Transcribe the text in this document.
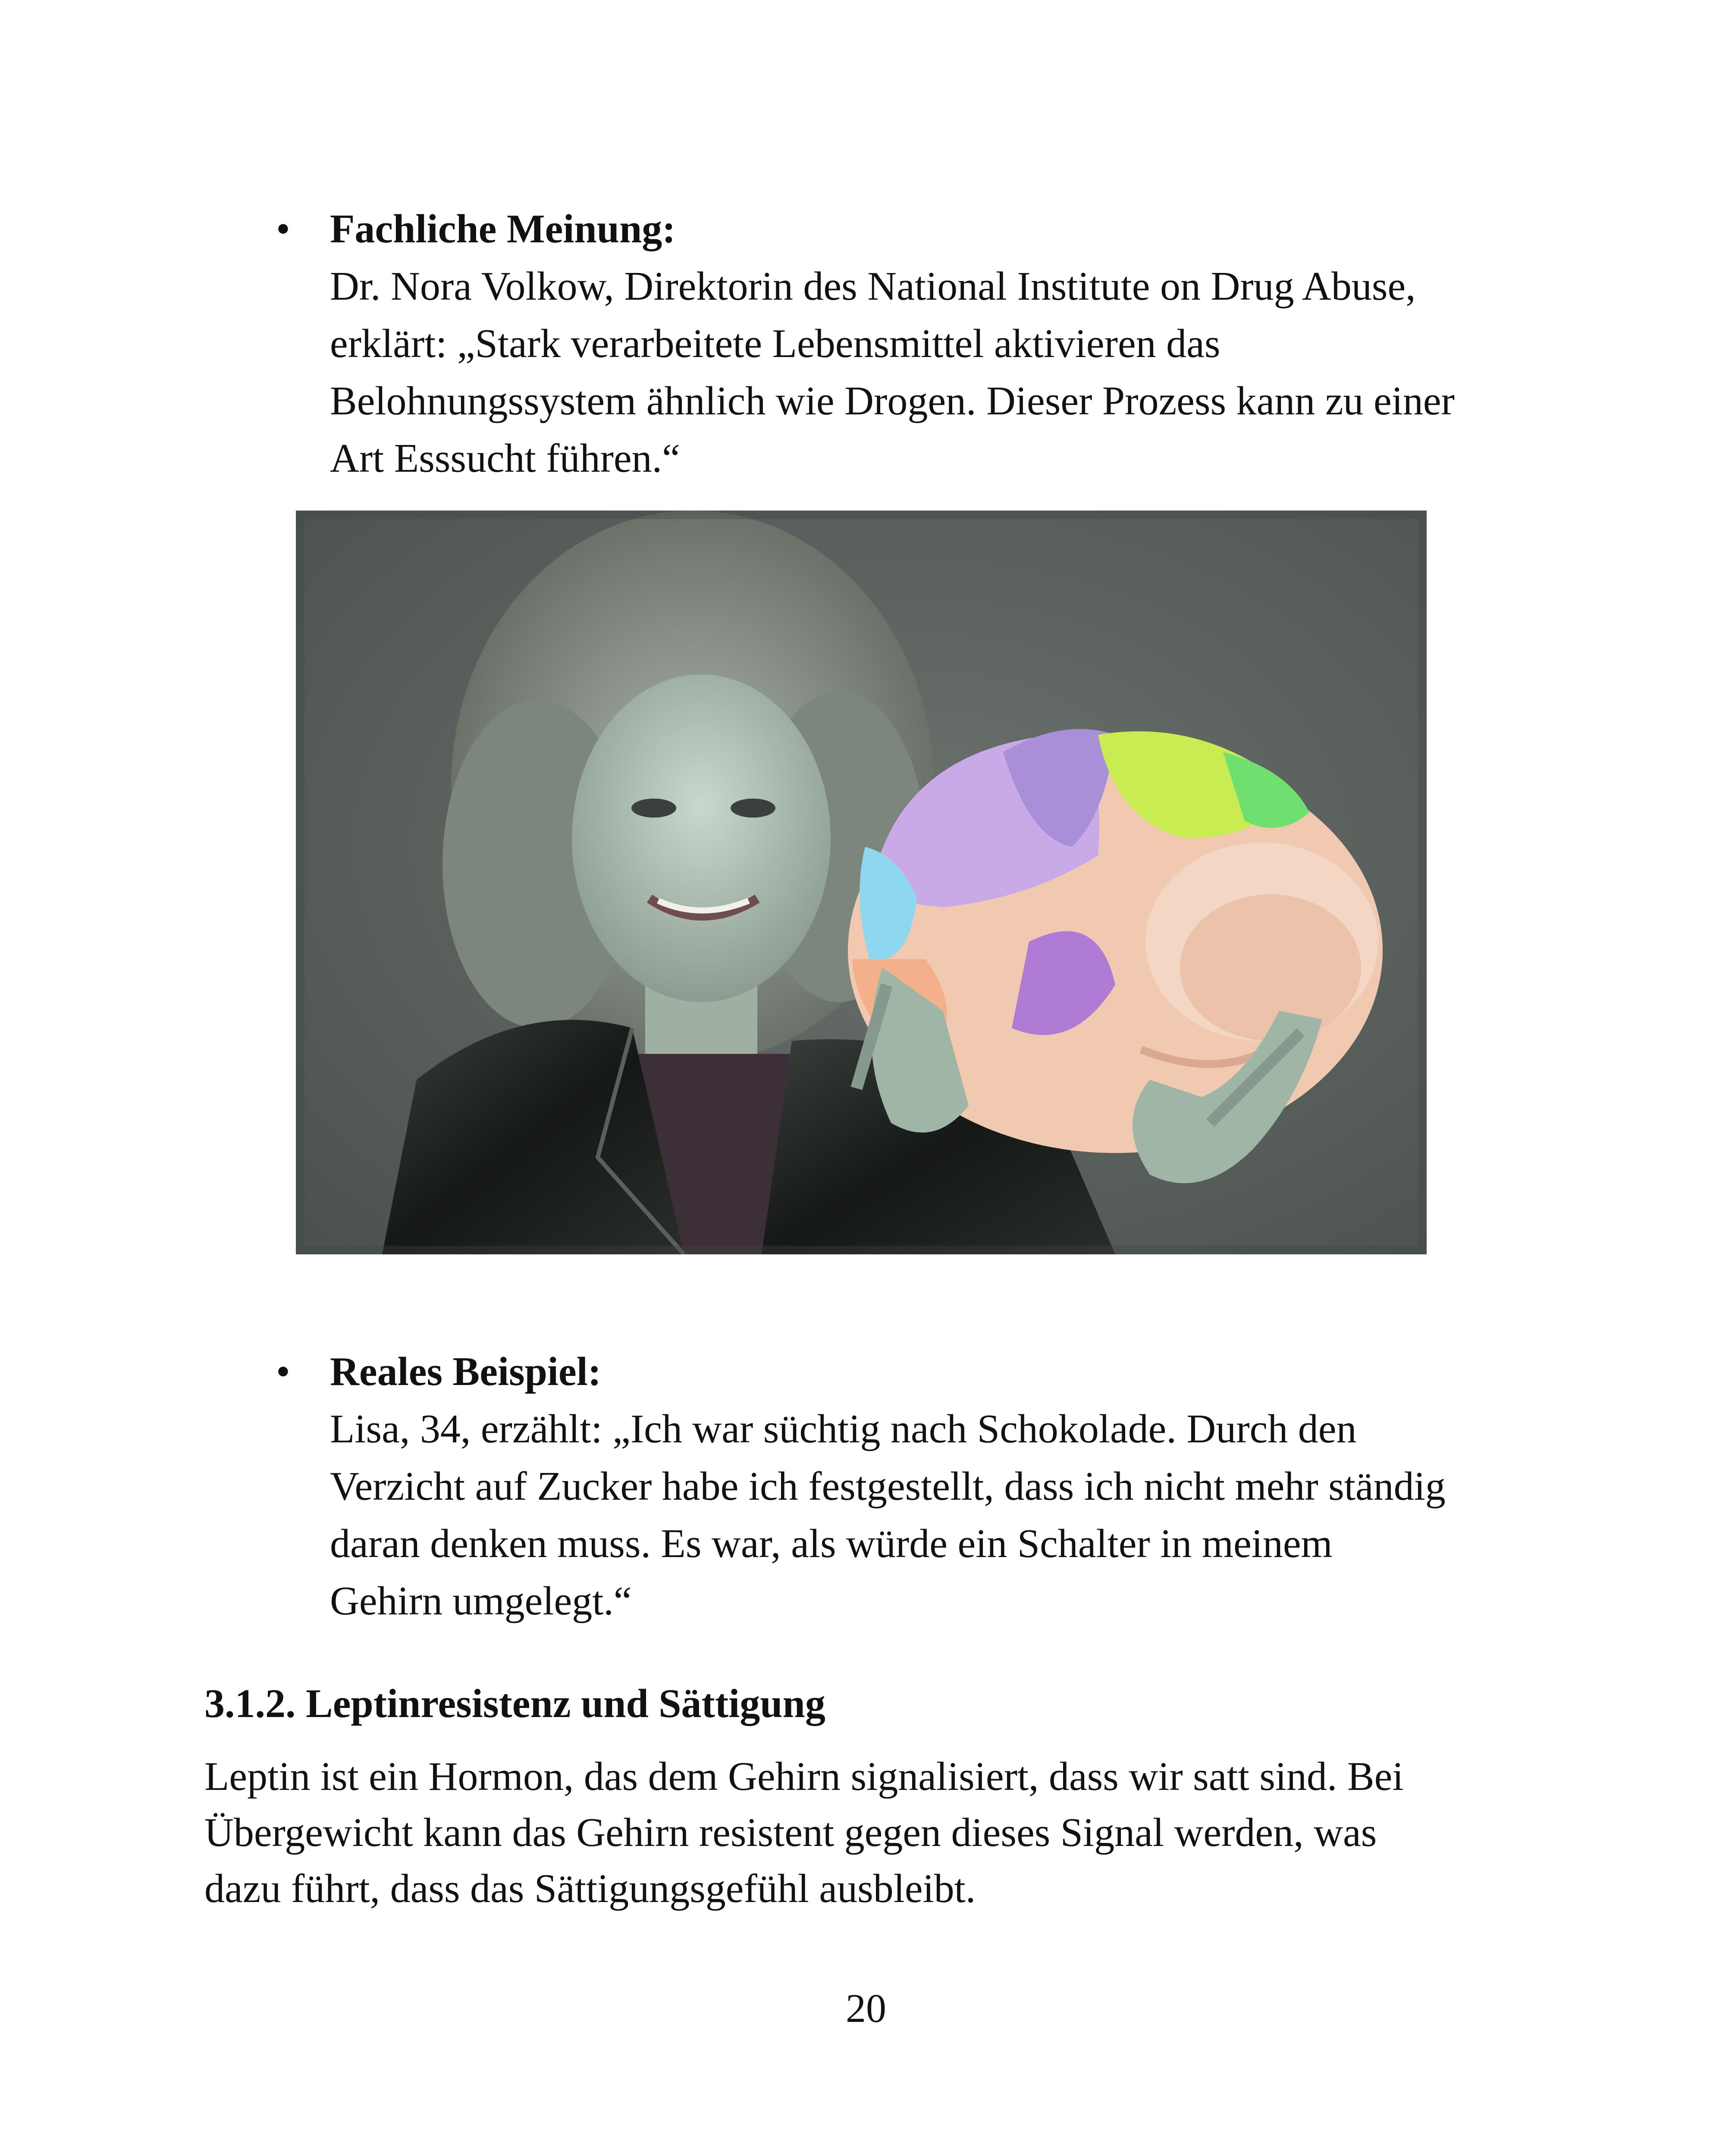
• Fachliche Meinung:
Dr. Nora Volkow, Direktorin des National Institute on Drug Abuse,
erklärt: „Stark verarbeitete Lebensmittel aktivieren das
Belohnungssystem ähnlich wie Drogen. Dieser Prozess kann zu einer
Art Esssucht führen.“
• Reales Beispiel:
Lisa, 34, erzählt: „Ich war süchtig nach Schokolade. Durch den
Verzicht auf Zucker habe ich festgestellt, dass ich nicht mehr ständig
daran denken muss. Es war, als würde ein Schalter in meinem
Gehirn umgelegt.“
3.1.2. Leptinresistenz und Sättigung
Leptin ist ein Hormon, das dem Gehirn signalisiert, dass wir satt sind. Bei
Übergewicht kann das Gehirn resistent gegen dieses Signal werden, was
dazu führt, dass das Sättigungsgefühl ausbleibt.
20
